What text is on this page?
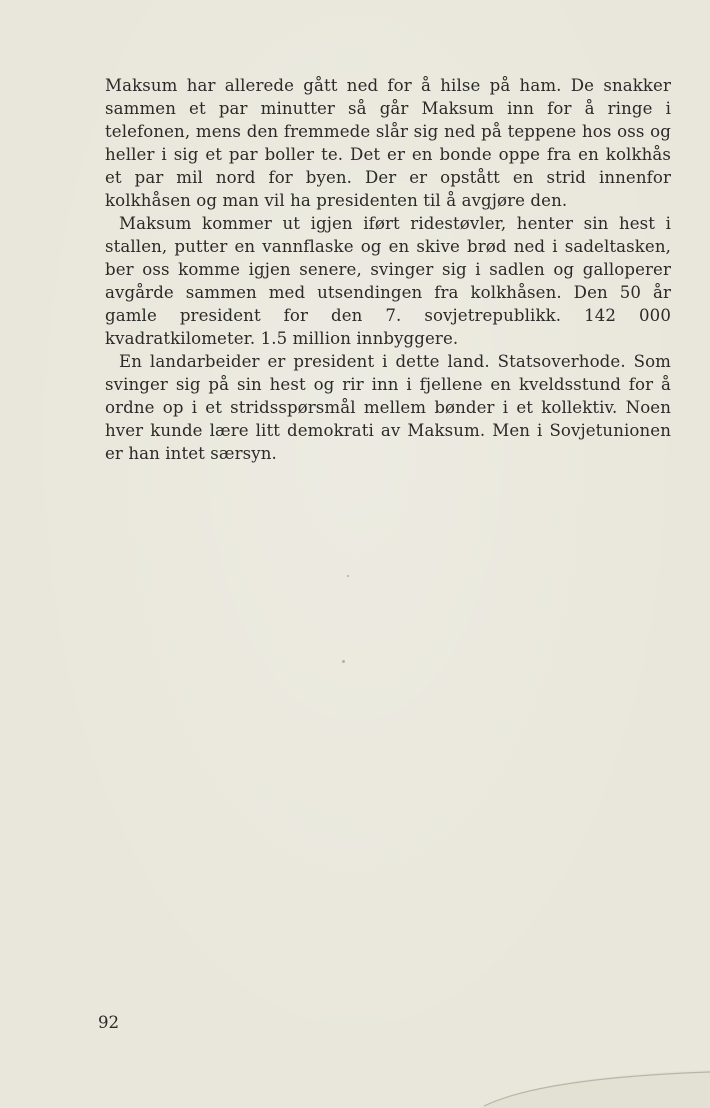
Maksum har allerede gått ned for å hilse på ham. De snakker sammen et par minutter så går Maksum inn for å ringe i telefonen, mens den fremmede slår sig ned på teppene hos oss og heller i sig et par boller te. Det er en bonde oppe fra en kolkhås et par mil nord for byen. Der er opstått en strid innenfor kolkhåsen og man vil ha presidenten til å avgjøre den.

Maksum kommer ut igjen iført ridestøvler, henter sin hest i stallen, putter en vannflaske og en skive brød ned i sadeltasken, ber oss komme igjen senere, svinger sig i sadlen og galloperer avgårde sammen med utsendingen fra kolkhåsen. Den 50 år gamle president for den 7. sovjetrepublikk. 142 000 kvadratkilometer. 1.5 million innbyggere.

En landarbeider er president i dette land. Statsoverhode. Som svinger sig på sin hest og rir inn i fjellene en kveldsstund for å ordne op i et stridsspørsmål mellem bønder i et kollektiv. Noen hver kunde lære litt demokrati av Maksum. Men i Sovjetunionen er han intet særsyn.

92
